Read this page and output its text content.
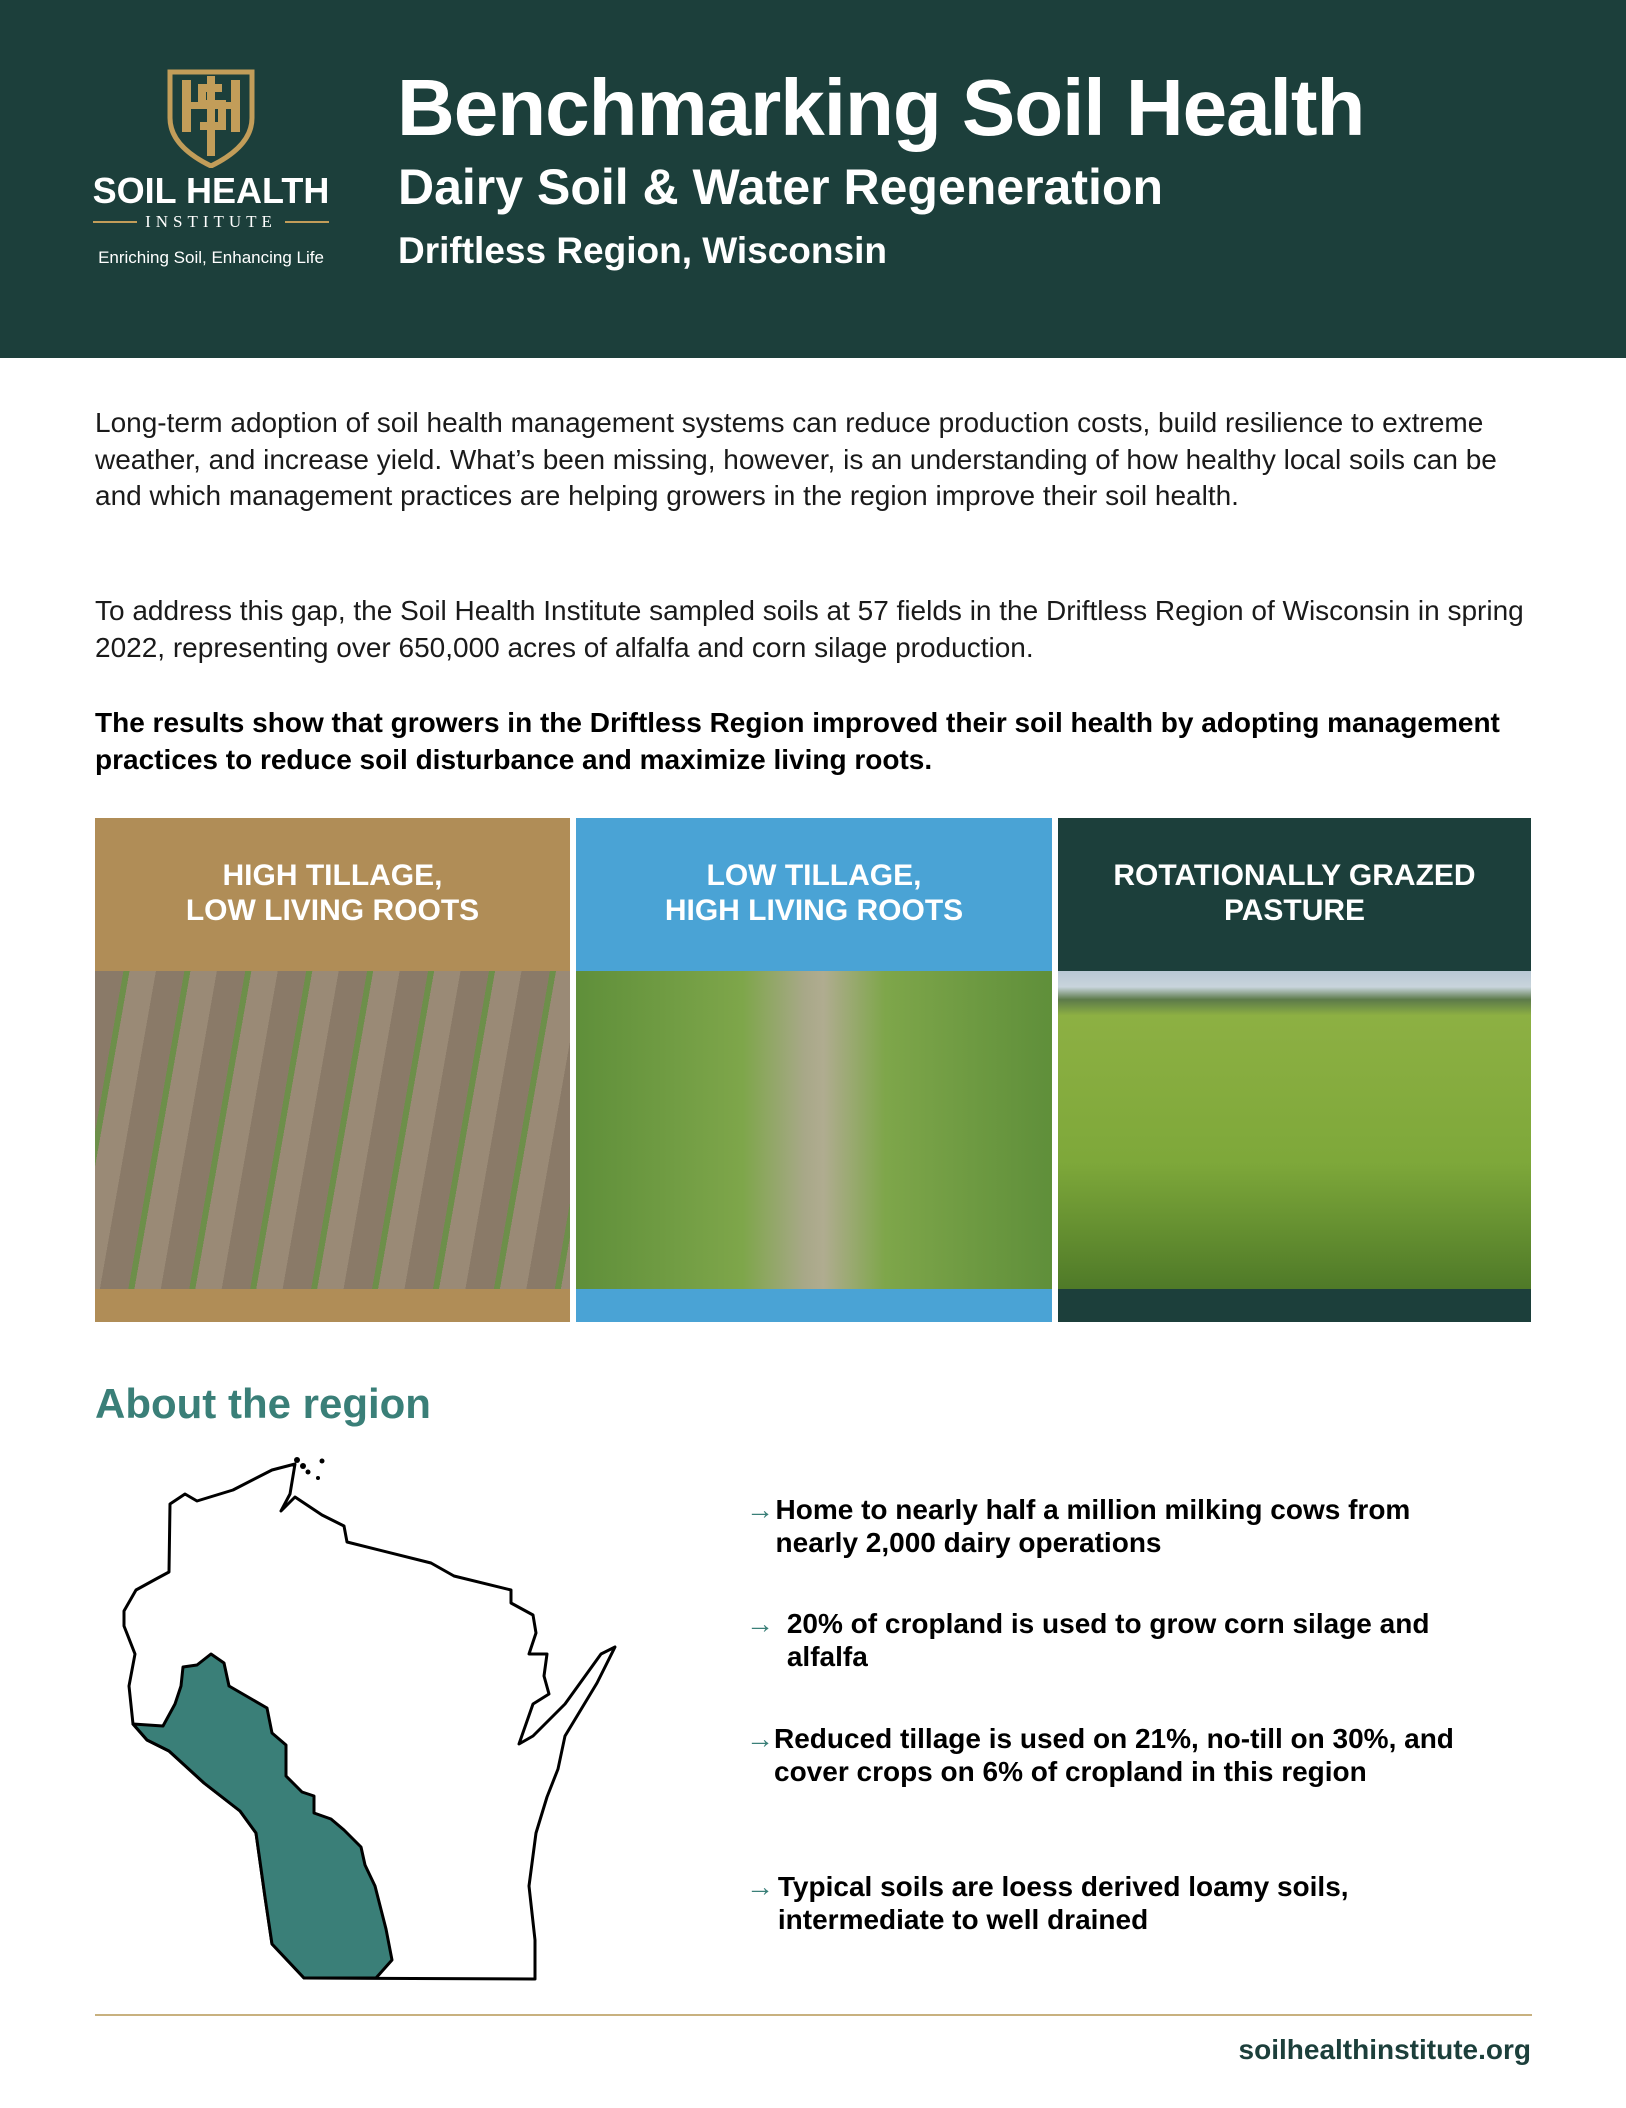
SOIL HEALTH
INSTITUTE
Enriching Soil, Enhancing Life
Benchmarking Soil Health
Dairy Soil & Water Regeneration
Driftless Region, Wisconsin

Long-term adoption of soil health management systems can reduce production costs, build resilience to extreme weather, and increase yield. What’s been missing, however, is an understanding of how healthy local soils can be and which management practices are helping growers in the region improve their soil health.

To address this gap, the Soil Health Institute sampled soils at 57 fields in the Driftless Region of Wisconsin in spring 2022, representing over 650,000 acres of alfalfa and corn silage production.

The results show that growers in the Driftless Region improved their soil health by adopting management practices to reduce soil disturbance and maximize living roots.

HIGH TILLAGE,
LOW LIVING ROOTS
LOW TILLAGE,
HIGH LIVING ROOTS
ROTATIONALLY GRAZED
PASTURE
About the region
→ Home to nearly half a million milking cows from nearly 2,000 dairy operations
→ 20% of cropland is used to grow corn silage and alfalfa
→ Reduced tillage is used on 21%, no-till on 30%, and cover crops on 6% of cropland in this region
→ Typical soils are loess derived loamy soils, intermediate to well drained
soilhealthinstitute.org
